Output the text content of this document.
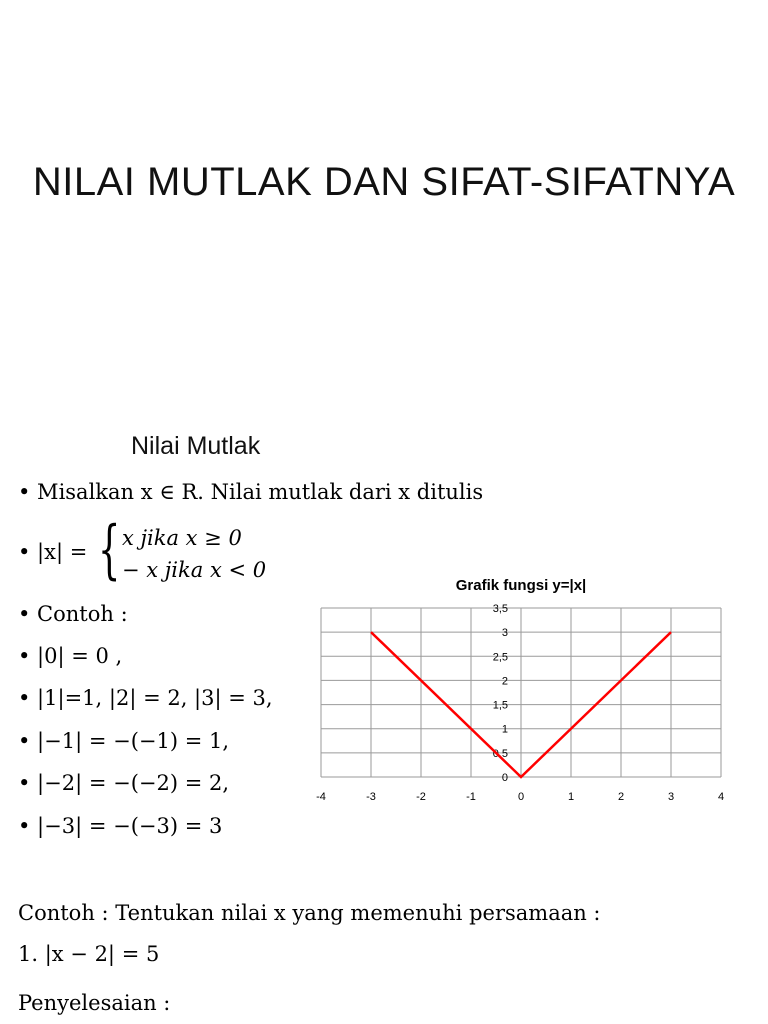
NILAI MUTLAK DAN SIFAT-SIFATNYA
Nilai Mutlak
• Misalkan x ∈ R. Nilai mutlak dari x ditulis
• |x| = { x jika x ≥ 0
− x jika x < 0
• Contoh :
• |0| = 0 ,
• |1|=1, |2| = 2, |3| = 3,
• |−1| = −(−1) = 1,
• |−2| = −(−2) = 2,
• |−3| = −(−3) = 3
Contoh : Tentukan nilai x yang memenuhi persamaan :
1. |x − 2| = 5
Penyelesaian :
Grafik fungsi y=|x|
-4	-3	-2	-1	0	1	2	3	4
0
0,5
1
1,5
2
2,5
3
3,5
